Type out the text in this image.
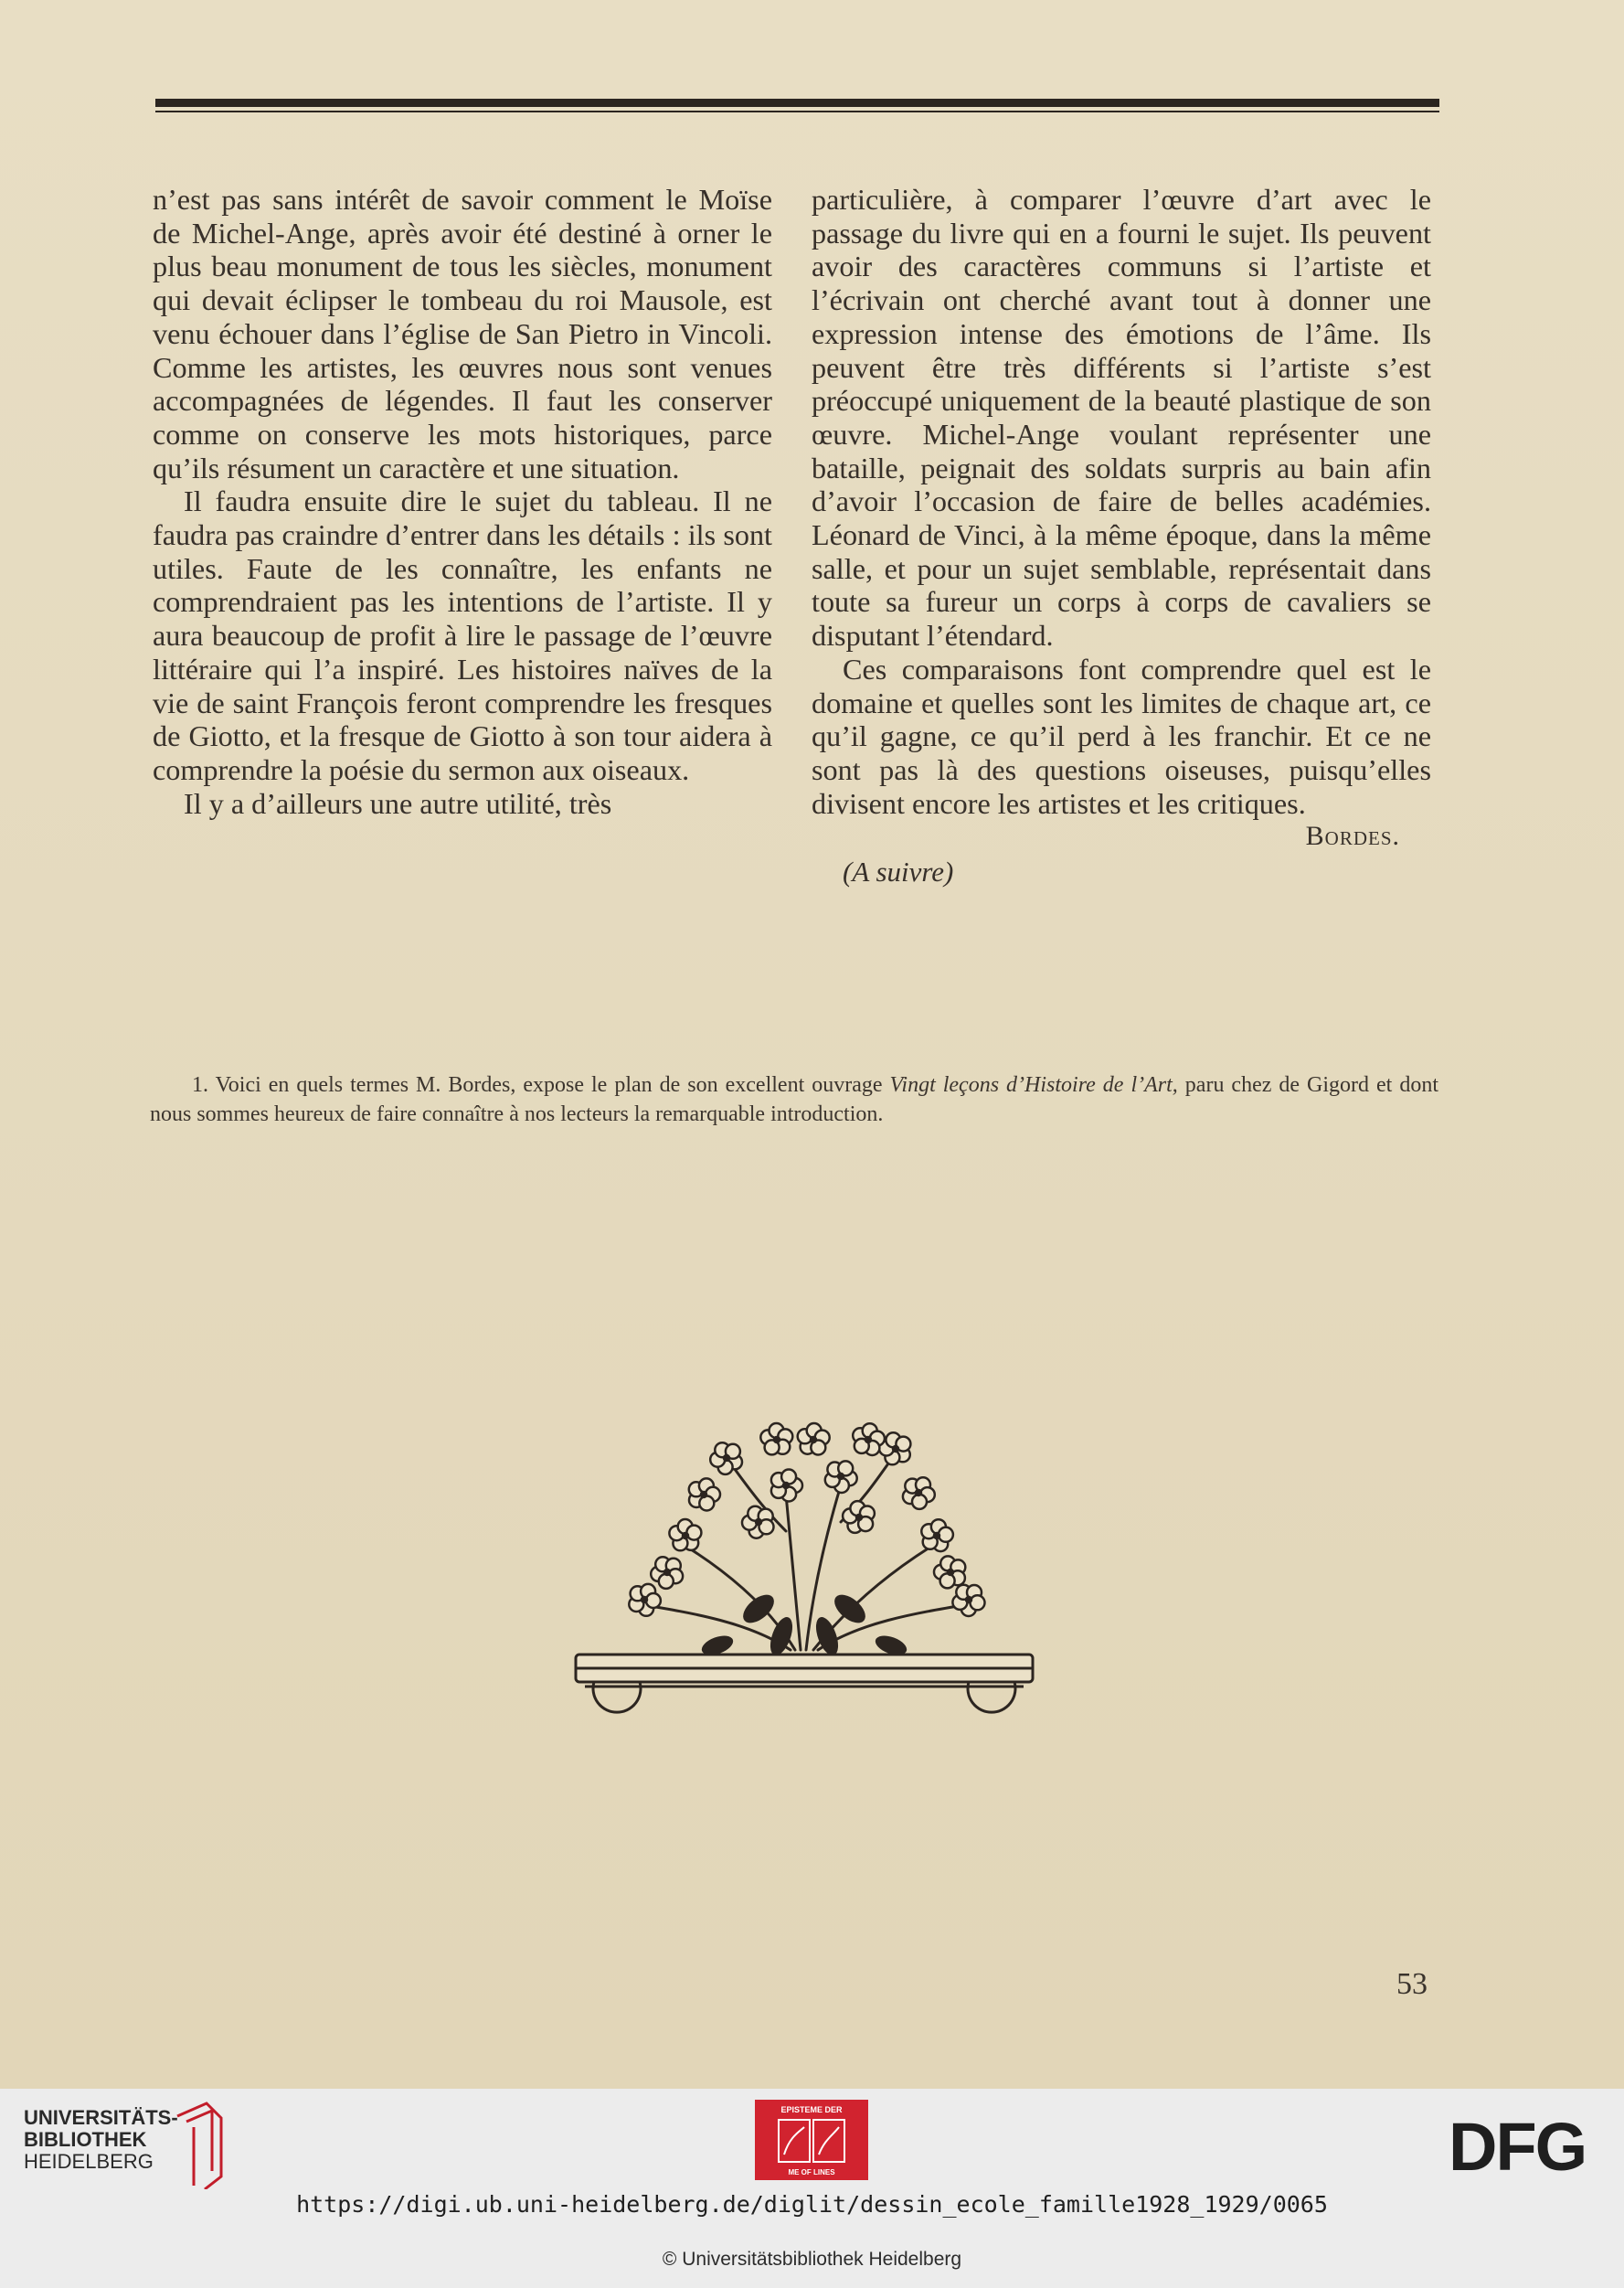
n’est pas sans intérêt de savoir comment le Moïse de Michel-Ange, après avoir été destiné à orner le plus beau monument de tous les siècles, monument qui devait éclipser le tombeau du roi Mausole, est venu échouer dans l’église de San Pietro in Vincoli. Comme les artistes, les œuvres nous sont venues accompagnées de légendes. Il faut les conserver comme on conserve les mots historiques, parce qu’ils résument un caractère et une situation.

Il faudra ensuite dire le sujet du tableau. Il ne faudra pas craindre d’entrer dans les détails : ils sont utiles. Faute de les connaître, les enfants ne comprendraient pas les intentions de l’artiste. Il y aura beaucoup de profit à lire le passage de l’œuvre littéraire qui l’a inspiré. Les histoires naïves de la vie de saint François feront comprendre les fresques de Giotto, et la fresque de Giotto à son tour aidera à comprendre la poésie du sermon aux oiseaux.

Il y a d’ailleurs une autre utilité, très

particulière, à comparer l’œuvre d’art avec le passage du livre qui en a fourni le sujet. Ils peuvent avoir des caractères communs si l’artiste et l’écrivain ont cherché avant tout à donner une expression intense des émotions de l’âme. Ils peuvent être très différents si l’artiste s’est préoccupé uniquement de la beauté plastique de son œuvre. Michel-Ange voulant représenter une bataille, peignait des soldats surpris au bain afin d’avoir l’occasion de faire de belles académies. Léonard de Vinci, à la même époque, dans la même salle, et pour un sujet semblable, représentait dans toute sa fureur un corps à corps de cavaliers se disputant l’étendard.

Ces comparaisons font comprendre quel est le domaine et quelles sont les limites de chaque art, ce qu’il gagne, ce qu’il perd à les franchir. Et ce ne sont pas là des questions oiseuses, puisqu’elles divisent encore les artistes et les critiques.

Bordes.
(A suivre)
1. Voici en quels termes M. Bordes, expose le plan de son excellent ouvrage Vingt leçons d’Histoire de l’Art, paru chez de Gigord et dont nous sommes heureux de faire connaître à nos lecteurs la remarquable introduction.
53
UNIVERSITÄTS-
BIBLIOTHEK
HEIDELBERG
EPISTEME DER
ME OF LINES	DFG
https://digi.ub.uni-heidelberg.de/diglit/dessin_ecole_famille1928_1929/0065
© Universitätsbibliothek Heidelberg
